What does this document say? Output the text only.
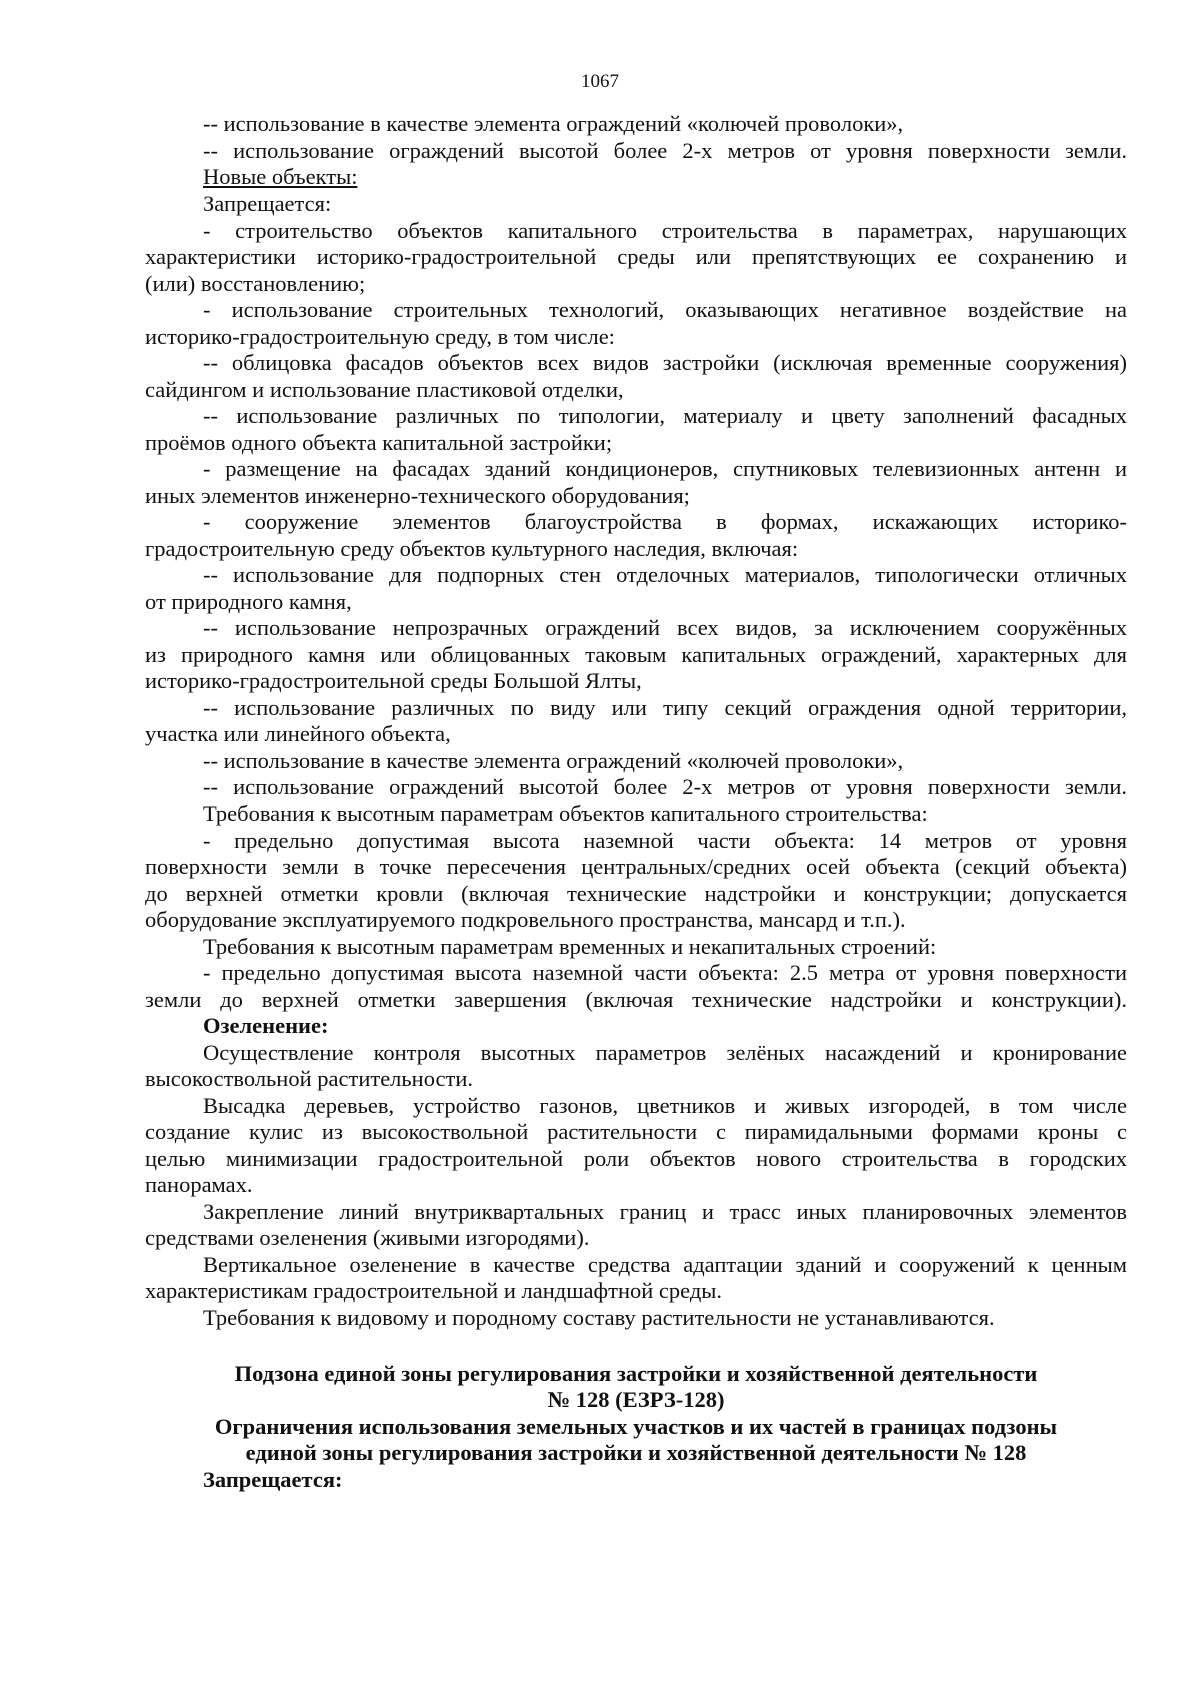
1067
-- использование в качестве элемента ограждений «колючей проволоки»,
-- использование ограждений высотой более 2-х метров от уровня поверхности земли.
Новые объекты:
Запрещается:
- строительство объектов капитального строительства в параметрах, нарушающих
характеристики историко-градостроительной среды или препятствующих ее сохранению и
(или) восстановлению;
- использование строительных технологий, оказывающих негативное воздействие на
историко-градостроительную среду, в том числе:
-- облицовка фасадов объектов всех видов застройки (исключая временные сооружения)
сайдингом и использование пластиковой отделки,
-- использование различных по типологии, материалу и цвету заполнений фасадных
проёмов одного объекта капитальной застройки;
- размещение на фасадах зданий кондиционеров, спутниковых телевизионных антенн и
иных элементов инженерно-технического оборудования;
- сооружение элементов благоустройства в формах, искажающих историко-
градостроительную среду объектов культурного наследия, включая:
-- использование для подпорных стен отделочных материалов, типологически отличных
от природного камня,
-- использование непрозрачных ограждений всех видов, за исключением сооружённых
из природного камня или облицованных таковым капитальных ограждений, характерных для
историко-градостроительной среды Большой Ялты,
-- использование различных по виду или типу секций ограждения одной территории,
участка или линейного объекта,
-- использование в качестве элемента ограждений «колючей проволоки»,
-- использование ограждений высотой более 2-х метров от уровня поверхности земли.
Требования к высотным параметрам объектов капитального строительства:
- предельно допустимая высота наземной части объекта: 14 метров от уровня
поверхности земли в точке пересечения центральных/средних осей объекта (секций объекта)
до верхней отметки кровли (включая технические надстройки и конструкции; допускается
оборудование эксплуатируемого подкровельного пространства, мансард и т.п.).
Требования к высотным параметрам временных и некапитальных строений:
- предельно допустимая высота наземной части объекта: 2.5 метра от уровня поверхности
земли до верхней отметки завершения (включая технические надстройки и конструкции).
Озеленение:
Осуществление контроля высотных параметров зелёных насаждений и кронирование
высокоствольной растительности.
Высадка деревьев, устройство газонов, цветников и живых изгородей, в том числе
создание кулис из высокоствольной растительности с пирамидальными формами кроны с
целью минимизации градостроительной роли объектов нового строительства в городских
панорамах.
Закрепление линий внутриквартальных границ и трасс иных планировочных элементов
средствами озеленения (живыми изгородями).
Вертикальное озеленение в качестве средства адаптации зданий и сооружений к ценным
характеристикам градостроительной и ландшафтной среды.
Требования к видовому и породному составу растительности не устанавливаются.
Подзона единой зоны регулирования застройки и хозяйственной деятельности
№ 128 (ЕЗРЗ-128)
Ограничения использования земельных участков и их частей в границах подзоны
единой зоны регулирования застройки и хозяйственной деятельности № 128
Запрещается:
